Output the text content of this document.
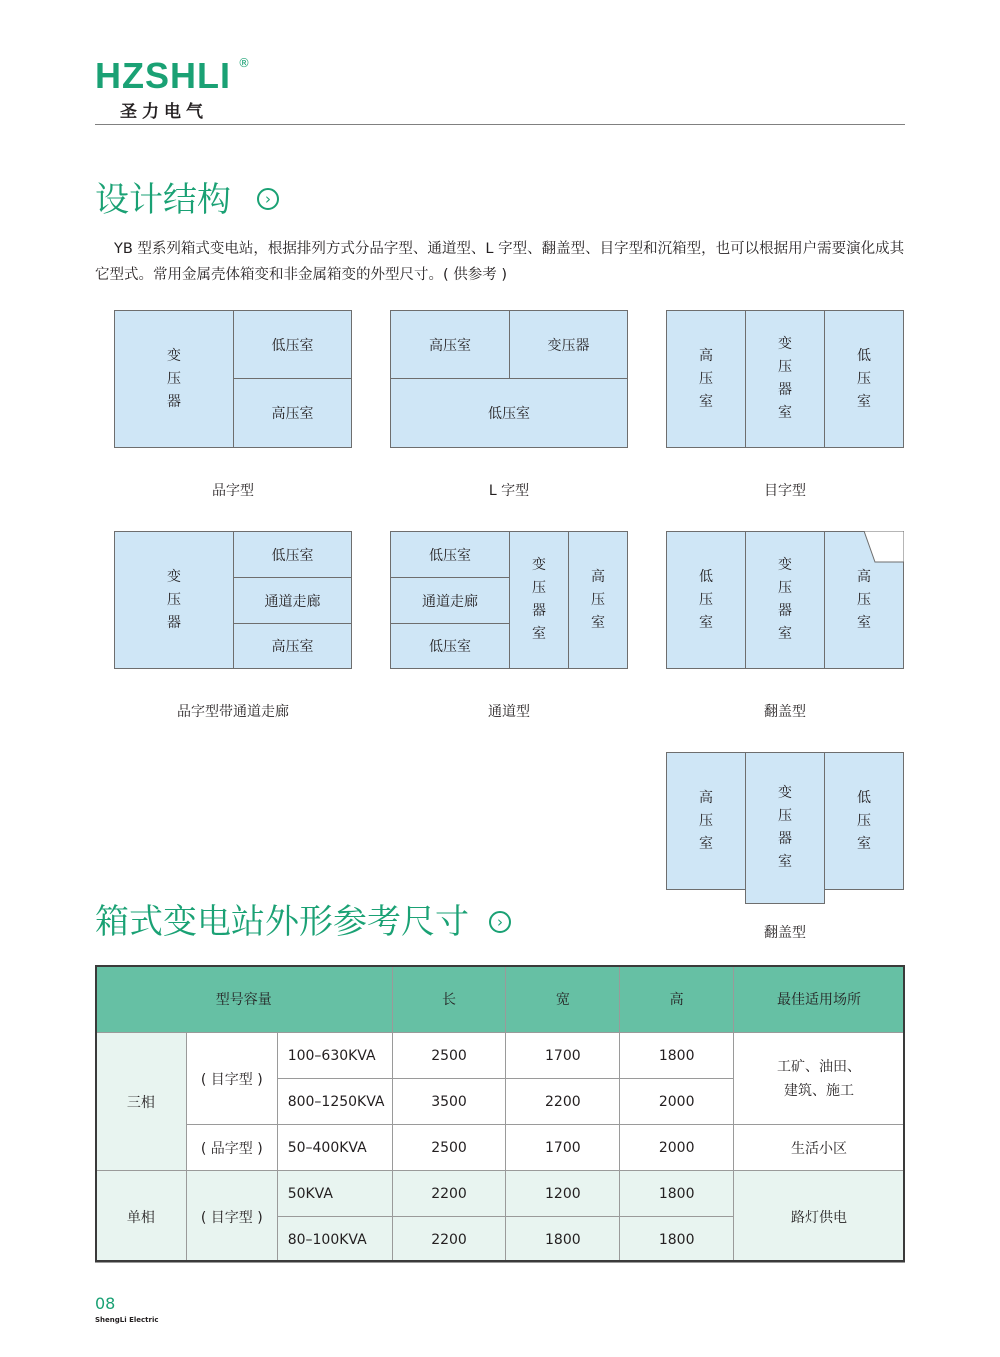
HZSHLI ®
圣力电气
设计结构	›
YB 型系列箱式变电站，根据排列方式分品字型、通道型、L 字型、翻盖型、目字型和沉箱型，也可以根据用户需要演化成其它型式。常用金属壳体箱变和非金属箱变的外型尺寸。( 供参考 )
变压器
低压室
高压室
品字型
高压室	变压器
低压室
L 字型
高压室
变压器室
低压室
目字型
变压器
低压室
通道走廊
高压室
品字型带通道走廊
低压室
通道走廊
低压室
变压器室
高压室
通道型
低压室
变压器室
高压室
翻盖型
高压室
变压器室
低压室
翻盖型
箱式变电站外形参考尺寸	›
型号容量			长	宽	高	最佳适用场所
三相	( 目字型 )	100–630KVA	2500	1700	1800	工矿、油田、建筑、施工
		800–1250KVA	3500	2200	2000	
	( 品字型 )	50–400KVA	2500	1700	2000	生活小区
单相	( 目字型 )	50KVA	2200	1200	1800	路灯供电
		80–100KVA	2200	1800	1800	
08
ShengLi Electric
